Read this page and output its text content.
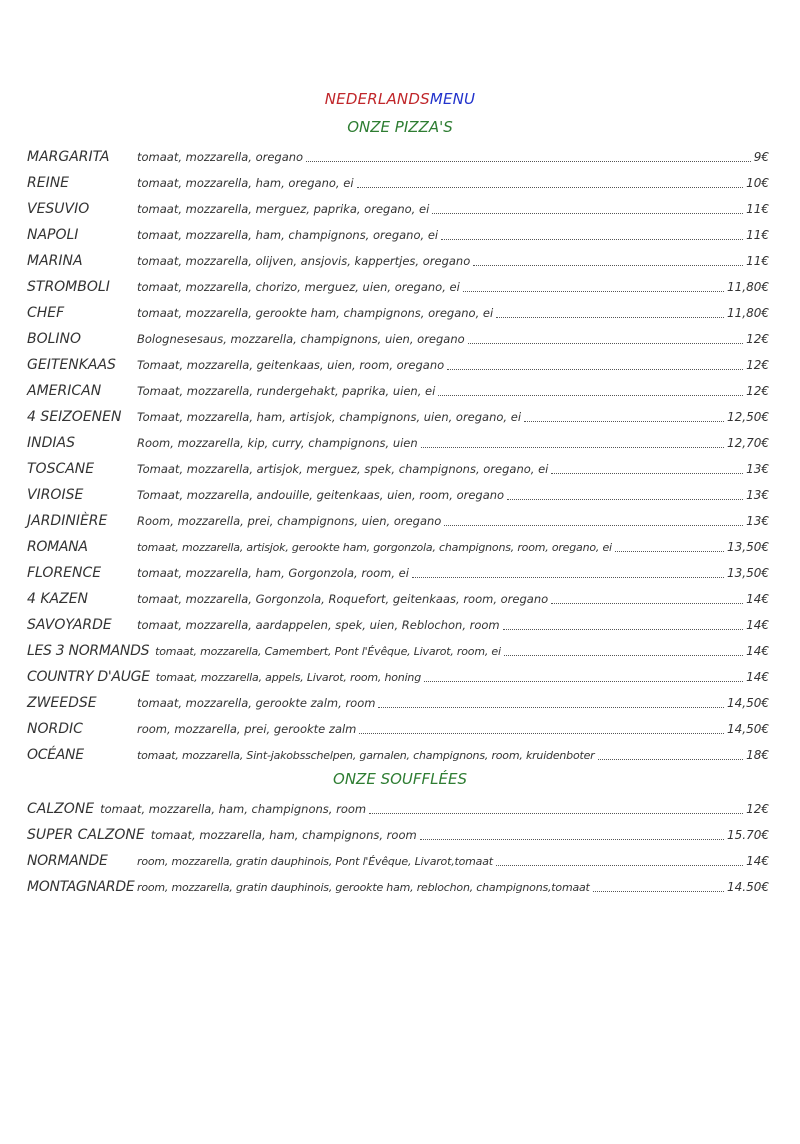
NEDERLANDSMENU
ONZE PIZZA'S
MARGARITA	tomaat, mozzarella, oregano	9€
REINE	tomaat, mozzarella, ham, oregano, ei	10€
VESUVIO	tomaat, mozzarella, merguez, paprika, oregano, ei	11€
NAPOLI	tomaat, mozzarella, ham, champignons, oregano, ei	11€
MARINA	tomaat, mozzarella, olijven, ansjovis, kappertjes, oregano	11€
STROMBOLI	tomaat, mozzarella, chorizo, merguez, uien, oregano, ei	11,80€
CHEF	tomaat, mozzarella, gerookte ham, champignons, oregano, ei	11,80€
BOLINO	Bolognesesaus, mozzarella, champignons, uien, oregano	12€
GEITENKAAS	Tomaat, mozzarella, geitenkaas, uien, room, oregano	12€
AMERICAN	Tomaat, mozzarella, rundergehakt, paprika, uien, ei	12€
4 SEIZOENEN	Tomaat, mozzarella, ham, artisjok, champignons, uien, oregano, ei	12,50€
INDIAS	Room, mozzarella, kip, curry, champignons, uien	12,70€
TOSCANE	Tomaat, mozzarella, artisjok, merguez, spek, champignons, oregano, ei	13€
VIROISE	Tomaat, mozzarella, andouille, geitenkaas, uien, room, oregano	13€
JARDINIÈRE	Room, mozzarella, prei, champignons, uien, oregano	13€
ROMANA	tomaat, mozzarella, artisjok, gerookte ham, gorgonzola, champignons, room, oregano, ei	13,50€
FLORENCE	tomaat, mozzarella, ham, Gorgonzola, room, ei	13,50€
4 KAZEN	tomaat, mozzarella, Gorgonzola, Roquefort, geitenkaas, room, oregano	14€
SAVOYARDE	tomaat, mozzarella, aardappelen, spek, uien, Reblochon, room	14€
LES 3 NORMANDS tomaat, mozzarella, Camembert, Pont l'Évêque, Livarot, room, ei	14€
COUNTRY D'AUGE tomaat, mozzarella, appels, Livarot, room, honing	14€
ZWEEDSE	tomaat, mozzarella, gerookte zalm, room	14,50€
NORDIC	room, mozzarella, prei, gerookte zalm	14,50€
OCÉANE	tomaat, mozzarella, Sint-jakobsschelpen, garnalen, champignons, room, kruidenboter	18€
ONZE SOUFFLÉES
CALZONE tomaat, mozzarella, ham, champignons, room	12€
SUPER CALZONE tomaat, mozzarella, ham, champignons, room	15.70€
NORMANDE	room, mozzarella, gratin dauphinois, Pont l'Évêque, Livarot,tomaat	14€
MONTAGNARDE room, mozzarella, gratin dauphinois, gerookte ham, reblochon, champignons,tomaat	14.50€
